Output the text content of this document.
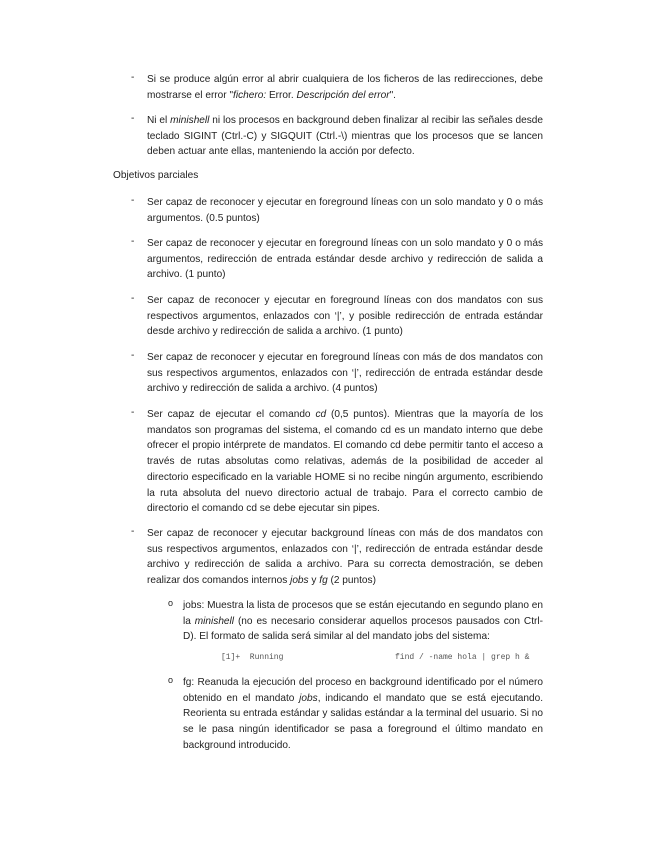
- Si se produce algún error al abrir cualquiera de los ficheros de las redirecciones, debe mostrarse el error "fichero: Error. Descripción del error".
- Ni el minishell ni los procesos en background deben finalizar al recibir las señales desde teclado SIGINT (Ctrl.-C) y SIGQUIT (Ctrl.-\) mientras que los procesos que se lancen deben actuar ante ellas, manteniendo la acción por defecto.
Objetivos parciales
- Ser capaz de reconocer y ejecutar en foreground líneas con un solo mandato y 0 o más argumentos. (0.5 puntos)
- Ser capaz de reconocer y ejecutar en foreground líneas con un solo mandato y 0 o más argumentos, redirección de entrada estándar desde archivo y redirección de salida a archivo. (1 punto)
- Ser capaz de reconocer y ejecutar en foreground líneas con dos mandatos con sus respectivos argumentos, enlazados con ‘|’, y posible redirección de entrada estándar desde archivo y redirección de salida a archivo. (1 punto)
- Ser capaz de reconocer y ejecutar en foreground líneas con más de dos mandatos con sus respectivos argumentos, enlazados con ‘|’, redirección de entrada estándar desde archivo y redirección de salida a archivo. (4 puntos)
- Ser capaz de ejecutar el comando cd (0,5 puntos). Mientras que la mayoría de los mandatos son programas del sistema, el comando cd es un mandato interno que debe ofrecer el propio intérprete de mandatos. El comando cd debe permitir tanto el acceso a través de rutas absolutas como relativas, además de la posibilidad de acceder al directorio especificado en la variable HOME si no recibe ningún argumento, escribiendo la ruta absoluta del nuevo directorio actual de trabajo. Para el correcto cambio de directorio el comando cd se debe ejecutar sin pipes.
- Ser capaz de reconocer y ejecutar background líneas con más de dos mandatos con sus respectivos argumentos, enlazados con ‘|’, redirección de entrada estándar desde archivo y redirección de salida a archivo. Para su correcta demostración, se deben realizar dos comandos internos jobs y fg (2 puntos)
o jobs: Muestra la lista de procesos que se están ejecutando en segundo plano en la minishell (no es necesario considerar aquellos procesos pausados con Ctrl-D). El formato de salida será similar al del mandato jobs del sistema:
[1]+  Running	find / -name hola | grep h &
o fg: Reanuda la ejecución del proceso en background identificado por el número obtenido en el mandato jobs, indicando el mandato que se está ejecutando. Reorienta su entrada estándar y salidas estándar a la terminal del usuario. Si no se le pasa ningún identificador se pasa a foreground el último mandato en background introducido.
